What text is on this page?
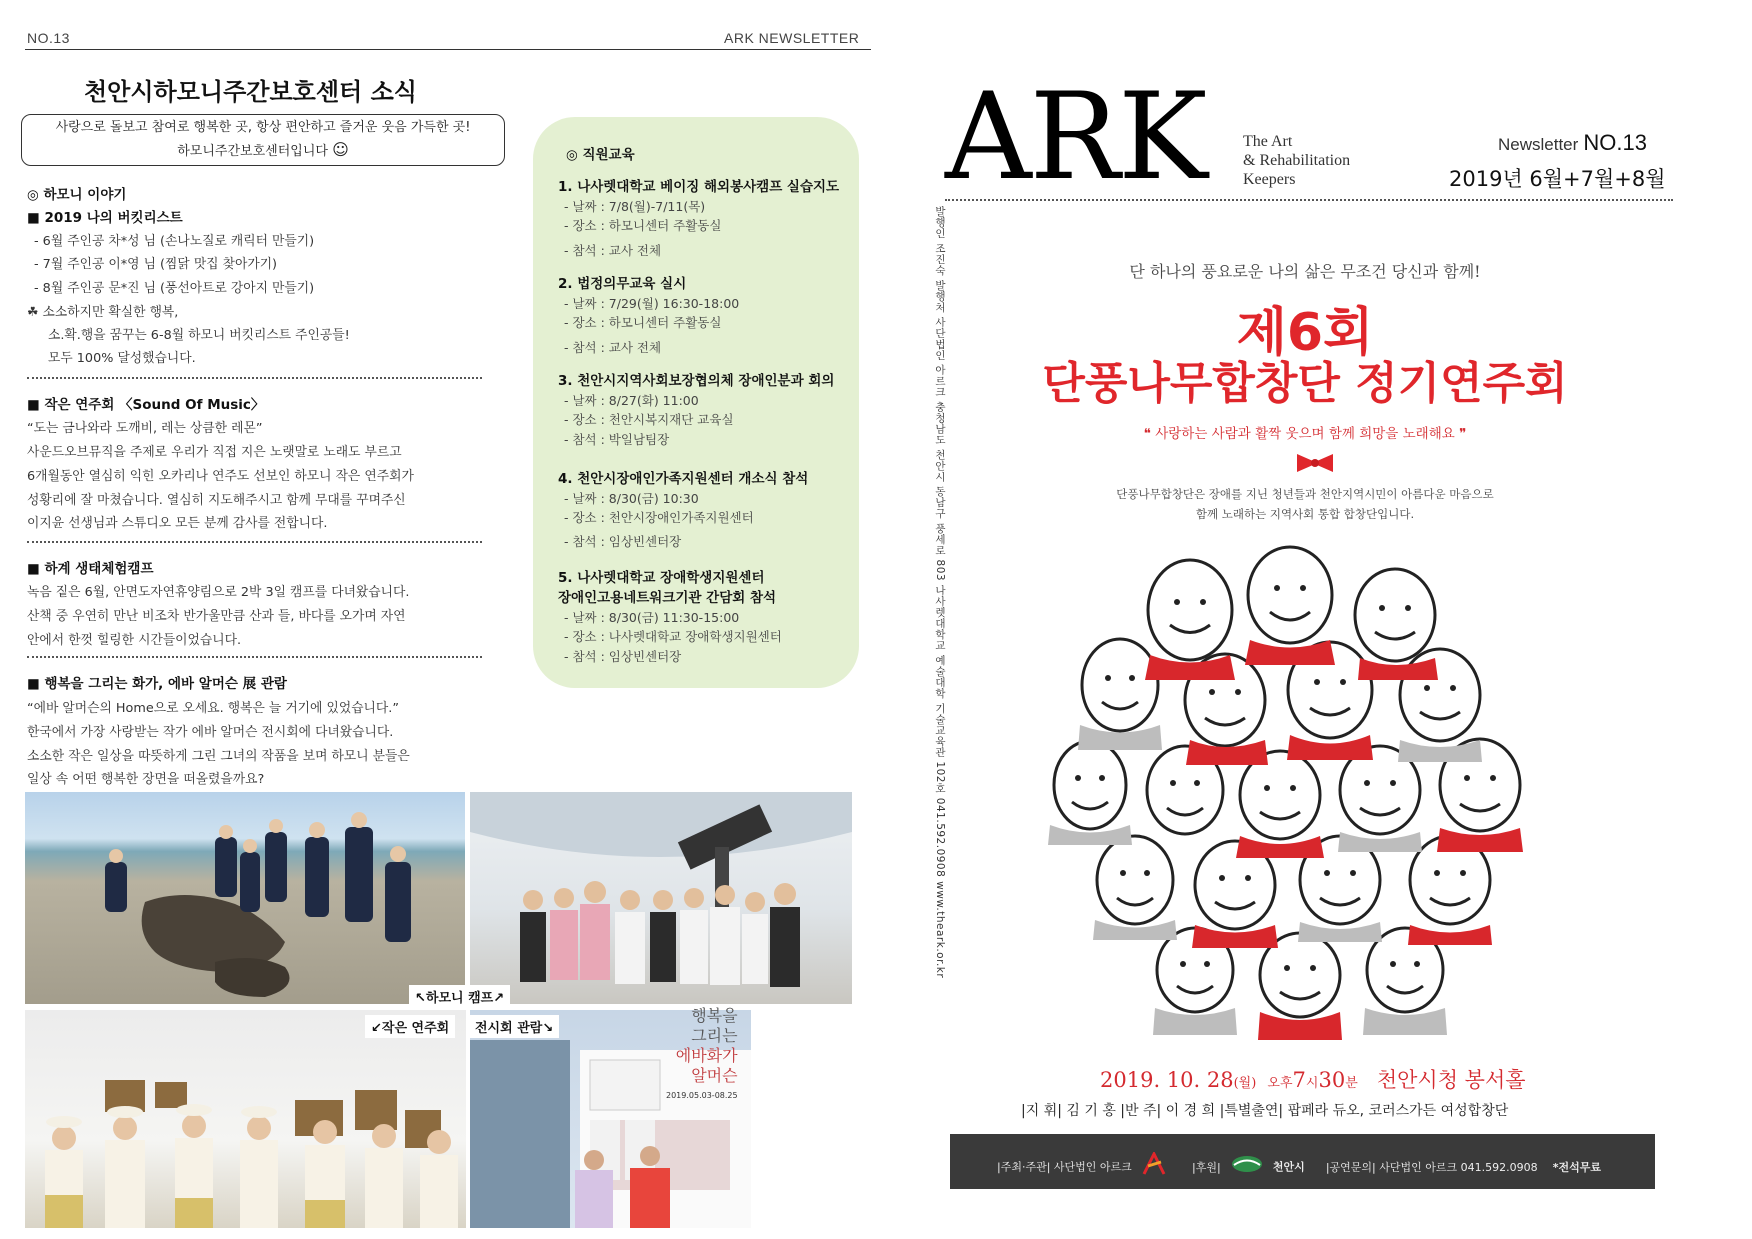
NO.13	ARK NEWSLETTER
천안시하모니주간보호센터 소식
사랑으로 돌보고 참여로 행복한 곳, 항상 편안하고 즐거운 웃음 가득한 곳!
하모니주간보호센터입니다 ☺
◎ 하모니 이야기
■ 2019 나의 버킷리스트
- 6월 주인공 차*성 님 (손나노질로 캐릭터 만들기)
- 7월 주인공 이*영 님 (찜닭 맛집 찾아가기)
- 8월 주인공 문*진 님 (풍선아트로 강아지 만들기)
☘ 소소하지만 확실한 행복,
소.확.행을 꿈꾸는 6-8월 하모니 버킷리스트 주인공들!
모두 100% 달성했습니다.
■ 작은 연주회 〈Sound Of Music〉
“도는 금나와라 도깨비, 레는 상큼한 레몬”
사운드오브뮤직을 주제로 우리가 직접 지은 노랫말로 노래도 부르고
6개월동안 열심히 익힌 오카리나 연주도 선보인 하모니 작은 연주회가
성황리에 잘 마쳤습니다. 열심히 지도해주시고 함께 무대를 꾸며주신
이지윤 선생님과 스튜디오 모든 분께 감사를 전합니다.
■ 하계 생태체험캠프
녹음 짙은 6월, 안면도자연휴양림으로 2박 3일 캠프를 다녀왔습니다.
산책 중 우연히 만난 비조차 반가울만큼 산과 들, 바다를 오가며 자연
안에서 한껏 힐링한 시간들이었습니다.
■ 행복을 그리는 화가, 에바 알머슨 展 관람
“에바 알머슨의 Home으로 오세요. 행복은 늘 거기에 있었습니다.”
한국에서 가장 사랑받는 작가 에바 알머슨 전시회에 다녀왔습니다.
소소한 작은 일상을 따뜻하게 그린 그녀의 작품을 보며 하모니 분들은
일상 속 어떤 행복한 장면을 떠올렸을까요?
◎ 직원교육
1. 나사렛대학교 베이징 해외봉사캠프 실습지도
- 날짜 : 7/8(월)-7/11(목)
- 장소 : 하모니센터 주활동실
- 참석 : 교사 전체
2. 법정의무교육 실시
- 날짜 : 7/29(월) 16:30-18:00
- 장소 : 하모니센터 주활동실
- 참석 : 교사 전체
3. 천안시지역사회보장협의체 장애인분과 회의
- 날짜 : 8/27(화) 11:00
- 장소 : 천안시복지재단 교육실
- 참석 : 박일남팀장
4. 천안시장애인가족지원센터 개소식 참석
- 날짜 : 8/30(금) 10:30
- 장소 : 천안시장애인가족지원센터
- 참석 : 임상빈센터장
5. 나사렛대학교 장애학생지원센터
장애인고용네트워크기관 간담회 참석
- 날짜 : 8/30(금) 11:30-15:00
- 장소 : 나사렛대학교 장애학생지원센터
- 참석 : 임상빈센터장
↖하모니 캠프↗
↙작은 연주회	전시회 관람↘
행복을
그리는
에바화가
알머슨
2019.05.03-08.25
ARK The Art
& Rehabilitation
Keepers
Newsletter NO.13
2019년 6월+7월+8월
발행인 조진숙 발행처 사단법인 아르크 충청남도 천안시 동남구 풍세로 803 나사렛대학교 예술대학 기술교육관 102호 041.592.0908 www.theark.or.kr	단 하나의 풍요로운 나의 삶은 무조건 당신과 함께!
제6회
단풍나무합창단 정기연주회
❝ 사랑하는 사람과 활짝 웃으며 함께 희망을 노래해요 ❞
단풍나무합창단은 장애를 지닌 청년들과 천안지역시민이 아름다운 마음으로
함께 노래하는 지역사회 통합 합창단입니다.
2019. 10. 28(월) 오후7시30분 천안시청 봉서홀
|지 휘| 김 기 홍 |반 주| 이 경 희 |특별출연| 팝페라 듀오, 코러스가든 여성합창단
|주최·주관| 사단법인 아르크	|후원|	천안시 |공연문의| 사단법인 아르크 041.592.0908 *전석무료
